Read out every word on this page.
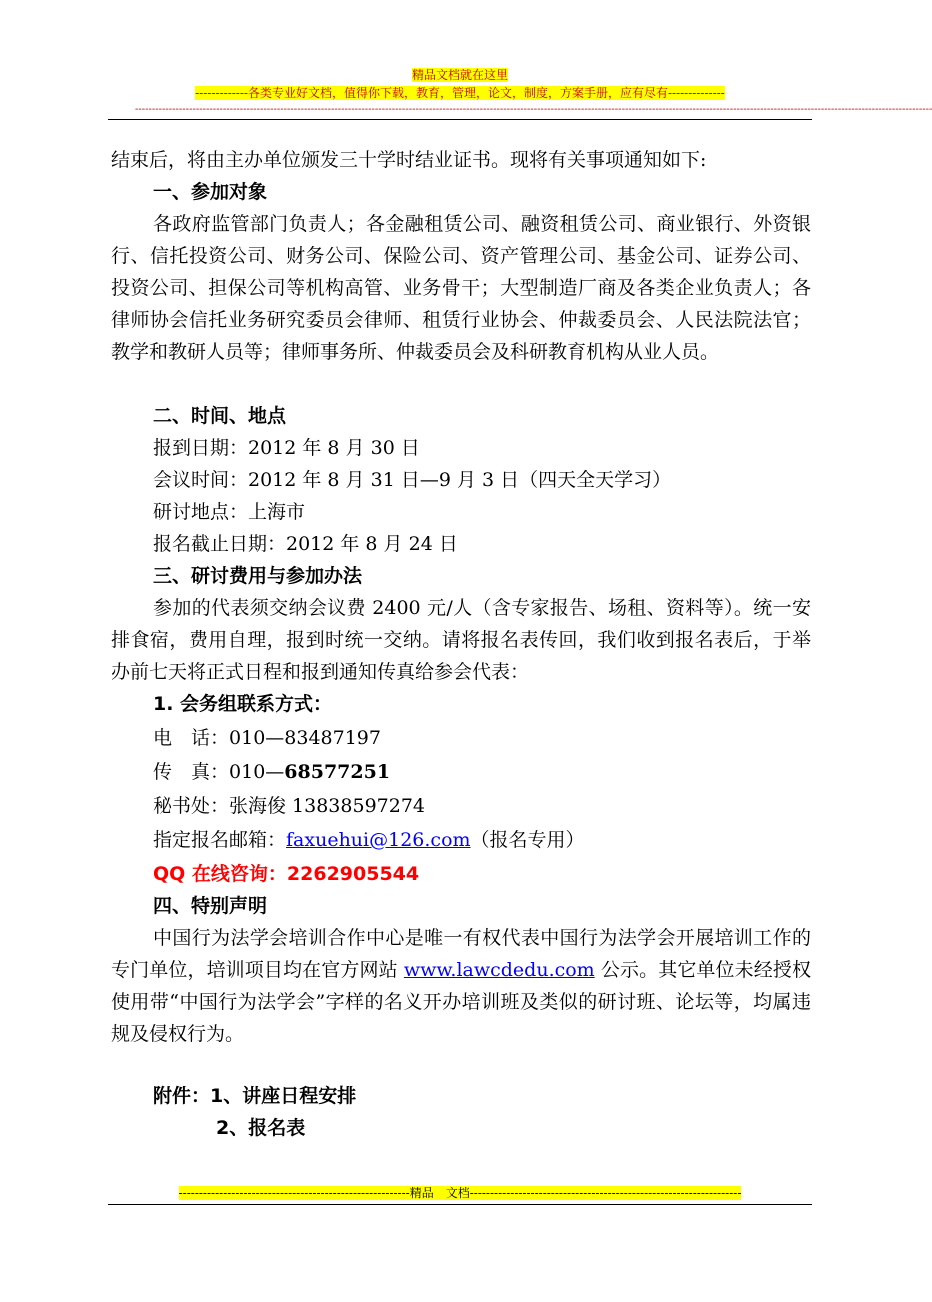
精品文档就在这里
-------------各类专业好文档，值得你下载，教育，管理，论文，制度，方案手册，应有尽有--------------
--------------------------------------------------------------------------------------------------------------------------------------------------------------------------------------------------------------------------------------------

结束后，将由主办单位颁发三十学时结业证书。现将有关事项通知如下:

一、参加对象

各政府监管部门负责人；各金融租赁公司、融资租赁公司、商业银行、外资银行、信托投资公司、财务公司、保险公司、资产管理公司、基金公司、证券公司、投资公司、担保公司等机构高管、业务骨干；大型制造厂商及各类企业负责人；各律师协会信托业务研究委员会律师、租赁行业协会、仲裁委员会、人民法院法官；教学和教研人员等；律师事务所、仲裁委员会及科研教育机构从业人员。

二、时间、地点

报到日期：2012 年 8 月 30 日

会议时间：2012 年 8 月 31 日—9 月 3 日（四天全天学习）

研讨地点：上海市

报名截止日期：2012 年 8 月 24 日

三、研讨费用与参加办法

参加的代表须交纳会议费 2400 元/人（含专家报告、场租、资料等）。统一安排食宿，费用自理，报到时统一交纳。请将报名表传回，我们收到报名表后，于举办前七天将正式日程和报到通知传真给参会代表：

1. 会务组联系方式：

电　话：010—83487197

传　真：010—68577251

秘书处：张海俊 13838597274

指定报名邮箱：faxuehui@126.com（报名专用）

QQ 在线咨询：2262905544

四、特别声明

中国行为法学会培训合作中心是唯一有权代表中国行为法学会开展培训工作的专门单位，培训项目均在官方网站 www.lawcdedu.com 公示。其它单位未经授权使用带“中国行为法学会”字样的名义开办培训班及类似的研讨班、论坛等，均属违规及侵权行为。

附件：1、讲座日程安排

2、报名表

---------------------------------------------------------精品　文档-------------------------------------------------------------------
